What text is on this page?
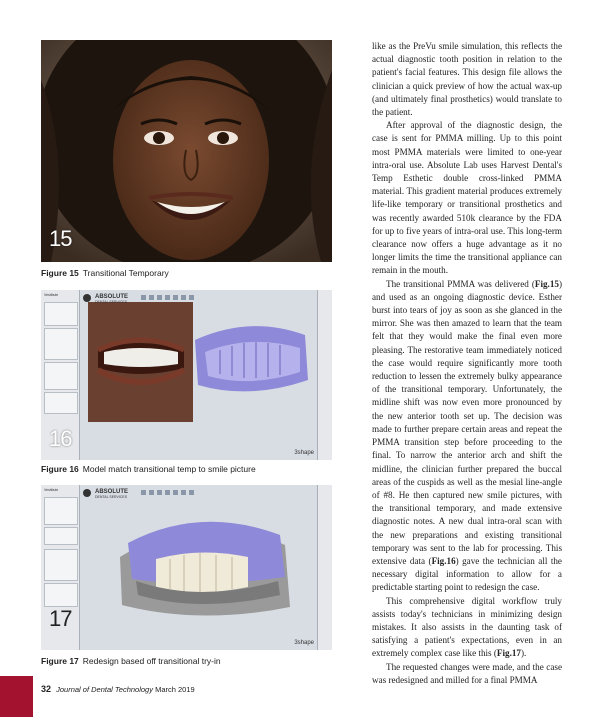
15
Figure 15 Transitional Temporary
Vestibule	ABSOLUTE
DENTAL SERVICES
3shape
16
Figure 16 Model match transitional temp to smile picture
Vestibule	ABSOLUTE
DENTAL SERVICES
3shape
17
Figure 17 Redesign based off transitional try-in

like as the PreVu smile simulation, this reflects the actual diagnostic tooth position in relation to the patient's facial features. This design file allows the clinician a quick preview of how the actual wax-up (and ultimately final prosthetics) would translate to the patient.

After approval of the diagnostic design, the case is sent for PMMA milling. Up to this point most PMMA materials were limited to one-year intra-oral use. Absolute Lab uses Harvest Dental's Temp Esthetic double cross-linked PMMA material. This gradient material produces extremely life-like temporary or transitional prosthetics and was recently awarded 510k clearance by the FDA for up to five years of intra-oral use. This long-term clearance now offers a huge advantage as it no longer limits the time the transitional appliance can remain in the mouth.

The transitional PMMA was delivered (Fig.15) and used as an ongoing diagnostic device. Esther burst into tears of joy as soon as she glanced in the mirror. She was then amazed to learn that the team felt that they would make the final even more pleasing. The restorative team immediately noticed the case would require significantly more tooth reduction to lessen the extremely bulky appearance of the transitional temporary. Unfortunately, the midline shift was now even more pronounced by the new anterior tooth set up. The decision was made to further prepare certain areas and repeat the PMMA transition step before proceeding to the final. To narrow the anterior arch and shift the midline, the clinician further prepared the buccal areas of the cuspids as well as the mesial line-angle of #8. He then captured new smile pictures, with the transitional temporary, and made extensive diagnostic notes. A new dual intra-oral scan with the new preparations and existing transitional temporary was sent to the lab for processing. This extensive data (Fig.16) gave the technician all the necessary digital information to allow for a predictable starting point to redesign the case.

This comprehensive digital workflow truly assists today's technicians in minimizing design mistakes. It also assists in the daunting task of satisfying a patient's expectations, even in an extremely complex case like this (Fig.17).

The requested changes were made, and the case was redesigned and milled for a final PMMA

32 Journal of Dental Technology March 2019
